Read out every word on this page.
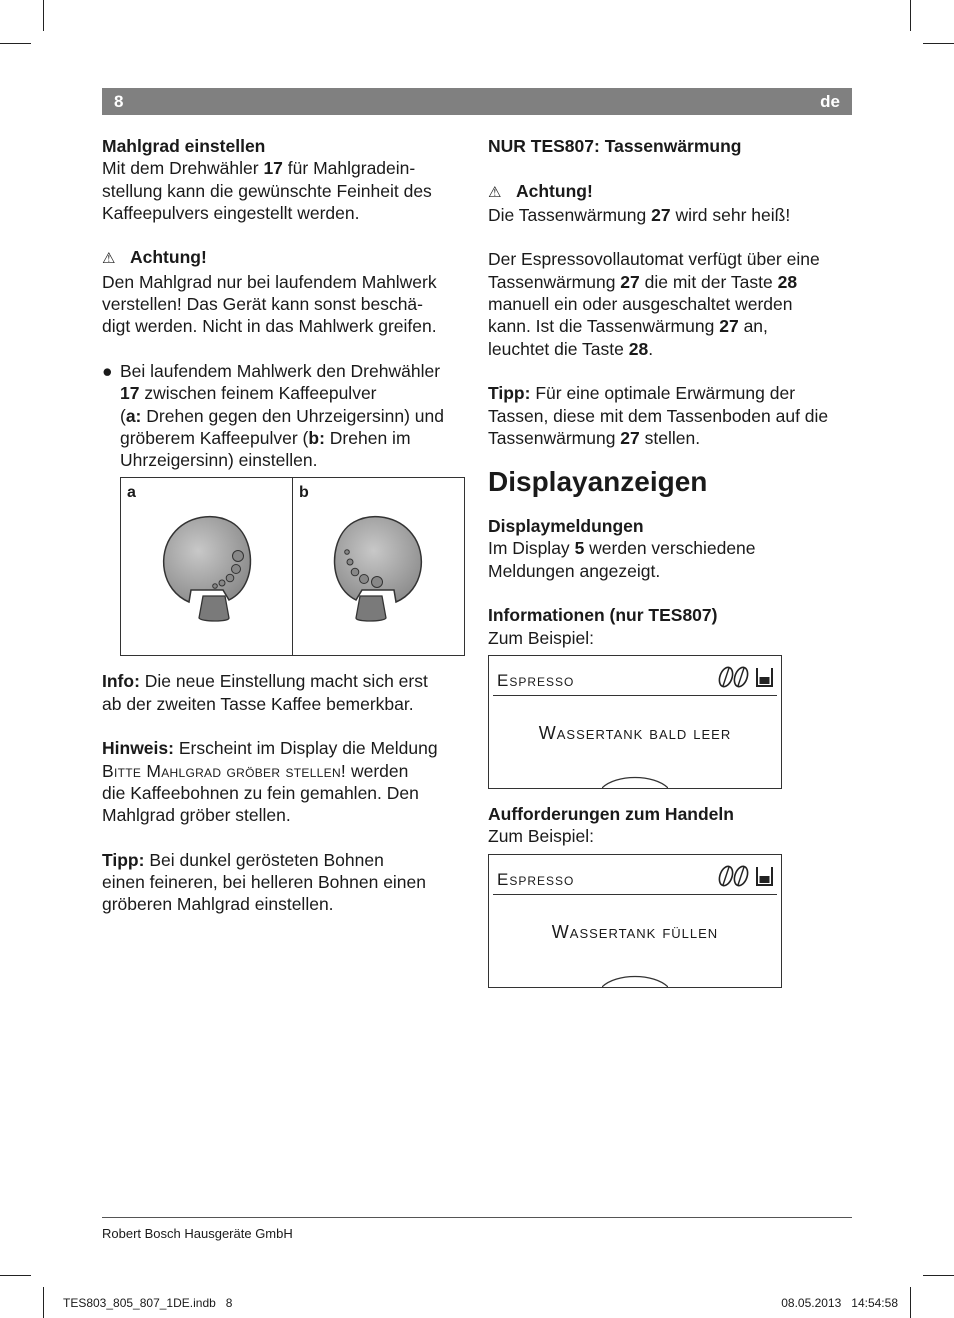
8	de

Mahlgrad einstellen

Mit dem Drehwähler 17 für Mahlgradein-
stellung kann die gewünschte Feinheit des
Kaffeepulvers eingestellt werden.

⚠ Achtung!
Den Mahlgrad nur bei laufendem Mahlwerk
verstellen! Das Gerät kann sonst beschä-
digt werden. Nicht in das Mahlwerk greifen.

● Bei laufendem Mahlwerk den Drehwähler
17 zwischen feinem Kaffeepulver
(a: Drehen gegen den Uhrzeigersinn) und
gröberem Kaffeepulver (b: Drehen im
Uhrzeigersinn) einstellen.
a	b

Info: Die neue Einstellung macht sich erst
ab der zweiten Tasse Kaffee bemerkbar.

Hinweis: Erscheint im Display die Meldung
Bitte Mahlgrad gröber stellen! werden
die Kaffeebohnen zu fein gemahlen. Den
Mahlgrad gröber stellen.

Tipp: Bei dunkel gerösteten Bohnen
einen feineren, bei helleren Bohnen einen
gröberen Mahlgrad einstellen.

NUR TES807: Tassenwärmung

⚠ Achtung!
Die Tassenwärmung 27 wird sehr heiß!

Der Espressovollautomat verfügt über eine
Tassenwärmung 27 die mit der Taste 28
manuell ein oder ausgeschaltet werden
kann. Ist die Tassenwärmung 27 an,
leuchtet die Taste 28.

Tipp: Für eine optimale Erwärmung der
Tassen, diese mit dem Tassenboden auf die
Tassenwärmung 27 stellen.

Displayanzeigen

Displaymeldungen

Im Display 5 werden verschiedene
Meldungen angezeigt.

Informationen (nur TES807)

Zum Beispiel:

Espresso
Wassertank bald leer

Aufforderungen zum Handeln

Zum Beispiel:

Espresso
Wassertank füllen
Robert Bosch Hausgeräte GmbH
TES803_805_807_1DE.indb   8	08.05.2013   14:54:58
